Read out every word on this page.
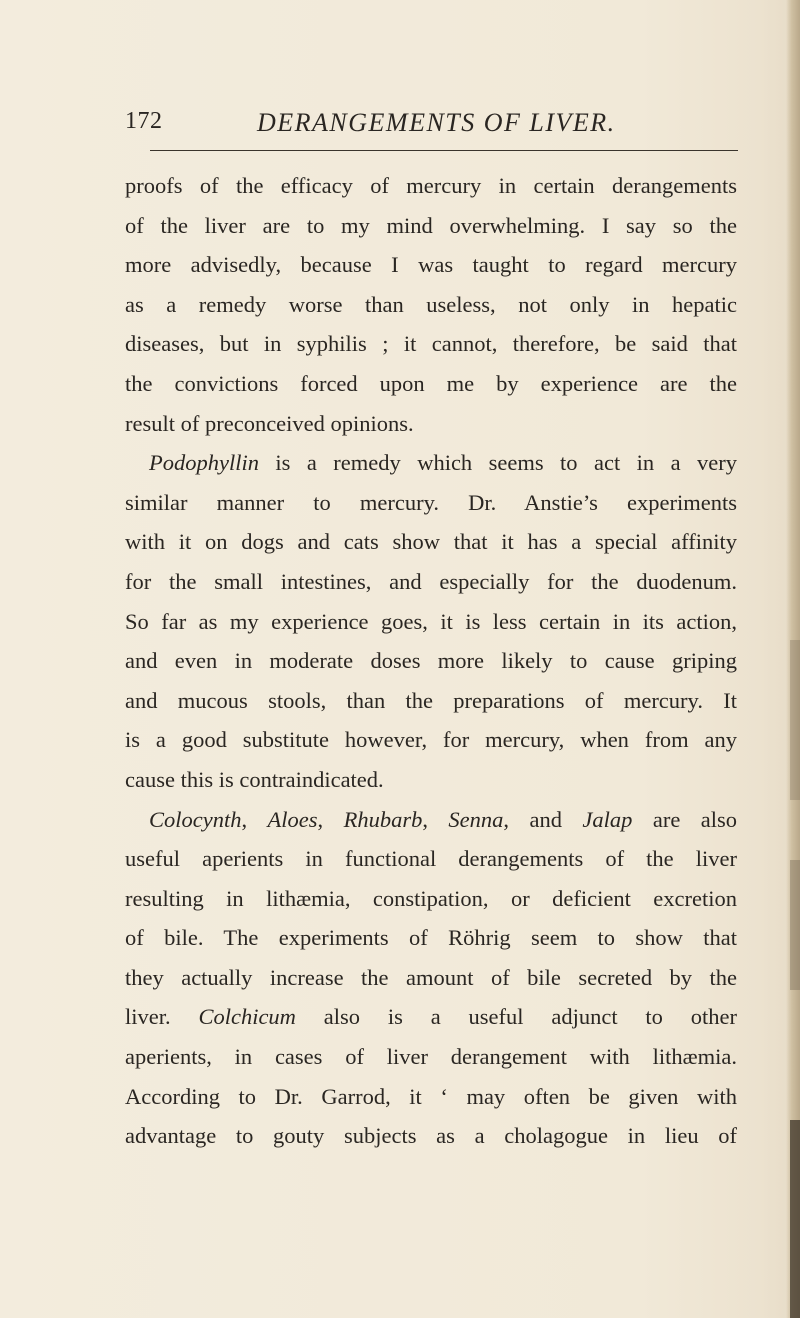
172	DERANGEMENTS OF LIVER.
proofs of the efficacy of mercury in certain derangements
of the liver are to my mind overwhelming. I say so the
more advisedly, because I was taught to regard mercury
as a remedy worse than useless, not only in hepatic
diseases, but in syphilis ; it cannot, therefore, be said that
the convictions forced upon me by experience are the
result of preconceived opinions.
Podophyllin is a remedy which seems to act in a very
similar manner to mercury. Dr. Anstie’s experiments
with it on dogs and cats show that it has a special affinity
for the small intestines, and especially for the duodenum.
So far as my experience goes, it is less certain in its action,
and even in moderate doses more likely to cause griping
and mucous stools, than the preparations of mercury. It
is a good substitute however, for mercury, when from any
cause this is contraindicated.
Colocynth, Aloes, Rhubarb, Senna, and Jalap are also
useful aperients in functional derangements of the liver
resulting in lithæmia, constipation, or deficient excretion
of bile. The experiments of Röhrig seem to show that
they actually increase the amount of bile secreted by the
liver. Colchicum also is a useful adjunct to other
aperients, in cases of liver derangement with lithæmia.
According to Dr. Garrod, it ‘ may often be given with
advantage to gouty subjects as a cholagogue in lieu of
